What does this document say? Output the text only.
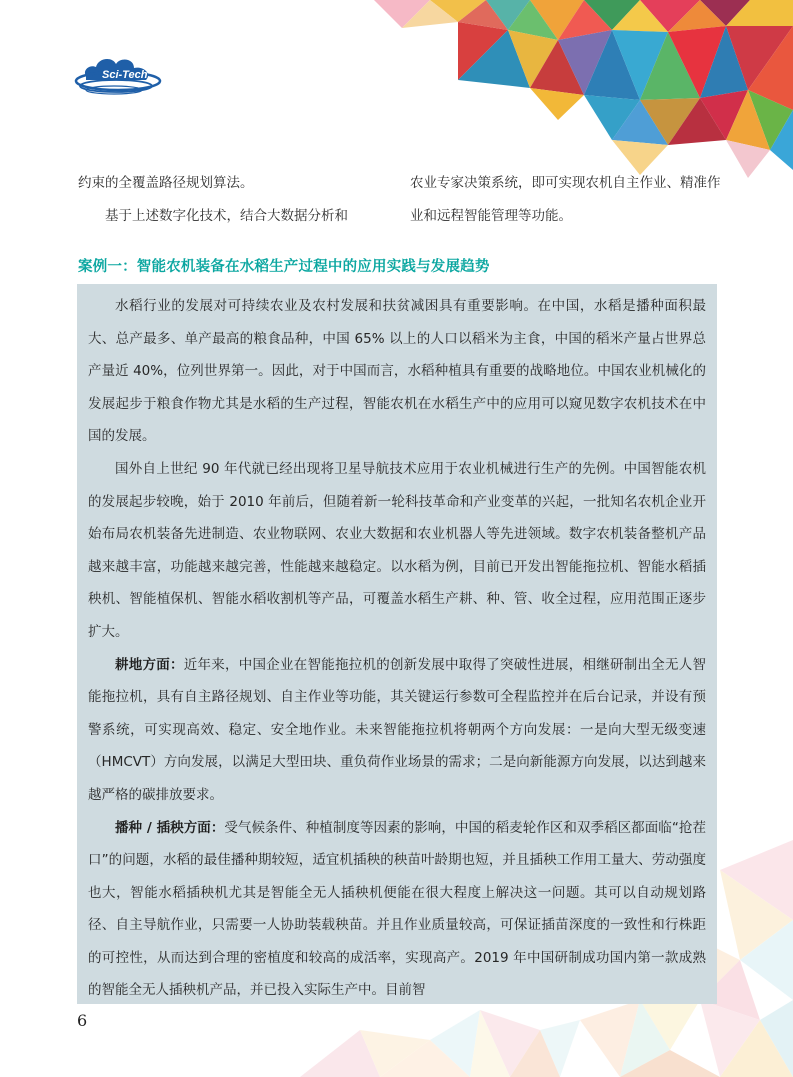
Sci-Tech

约束的全覆盖路径规划算法。

基于上述数字化技术，结合大数据分析和

农业专家决策系统，即可实现农机自主作业、精准作业和远程智能管理等功能。

案例一：智能农机装备在水稻生产过程中的应用实践与发展趋势

水稻行业的发展对可持续农业及农村发展和扶贫减困具有重要影响。在中国，水稻是播种面积最大、总产最多、单产最高的粮食品种，中国 65% 以上的人口以稻米为主食，中国的稻米产量占世界总产量近 40%，位列世界第一。因此，对于中国而言，水稻种植具有重要的战略地位。中国农业机械化的发展起步于粮食作物尤其是水稻的生产过程，智能农机在水稻生产中的应用可以窥见数字农机技术在中国的发展。

国外自上世纪 90 年代就已经出现将卫星导航技术应用于农业机械进行生产的先例。中国智能农机的发展起步较晚，始于 2010 年前后，但随着新一轮科技革命和产业变革的兴起，一批知名农机企业开始布局农机装备先进制造、农业物联网、农业大数据和农业机器人等先进领域。数字农机装备整机产品越来越丰富，功能越来越完善，性能越来越稳定。以水稻为例，目前已开发出智能拖拉机、智能水稻插秧机、智能植保机、智能水稻收割机等产品，可覆盖水稻生产耕、种、管、收全过程，应用范围正逐步扩大。

耕地方面：近年来，中国企业在智能拖拉机的创新发展中取得了突破性进展，相继研制出全无人智能拖拉机，具有自主路径规划、自主作业等功能，其关键运行参数可全程监控并在后台记录，并设有预警系统，可实现高效、稳定、安全地作业。未来智能拖拉机将朝两个方向发展：一是向大型无级变速（HMCVT）方向发展，以满足大型田块、重负荷作业场景的需求；二是向新能源方向发展，以达到越来越严格的碳排放要求。

播种 / 插秧方面：受气候条件、种植制度等因素的影响，中国的稻麦轮作区和双季稻区都面临“抢茬口”的问题，水稻的最佳播种期较短，适宜机插秧的秧苗叶龄期也短，并且插秧工作用工量大、劳动强度也大，智能水稻插秧机尤其是智能全无人插秧机便能在很大程度上解决这一问题。其可以自动规划路径、自主导航作业，只需要一人协助装载秧苗。并且作业质量较高，可保证插苗深度的一致性和行株距的可控性，从而达到合理的密植度和较高的成活率，实现高产。2019 年中国研制成功国内第一款成熟的智能全无人插秧机产品，并已投入实际生产中。目前智

6
